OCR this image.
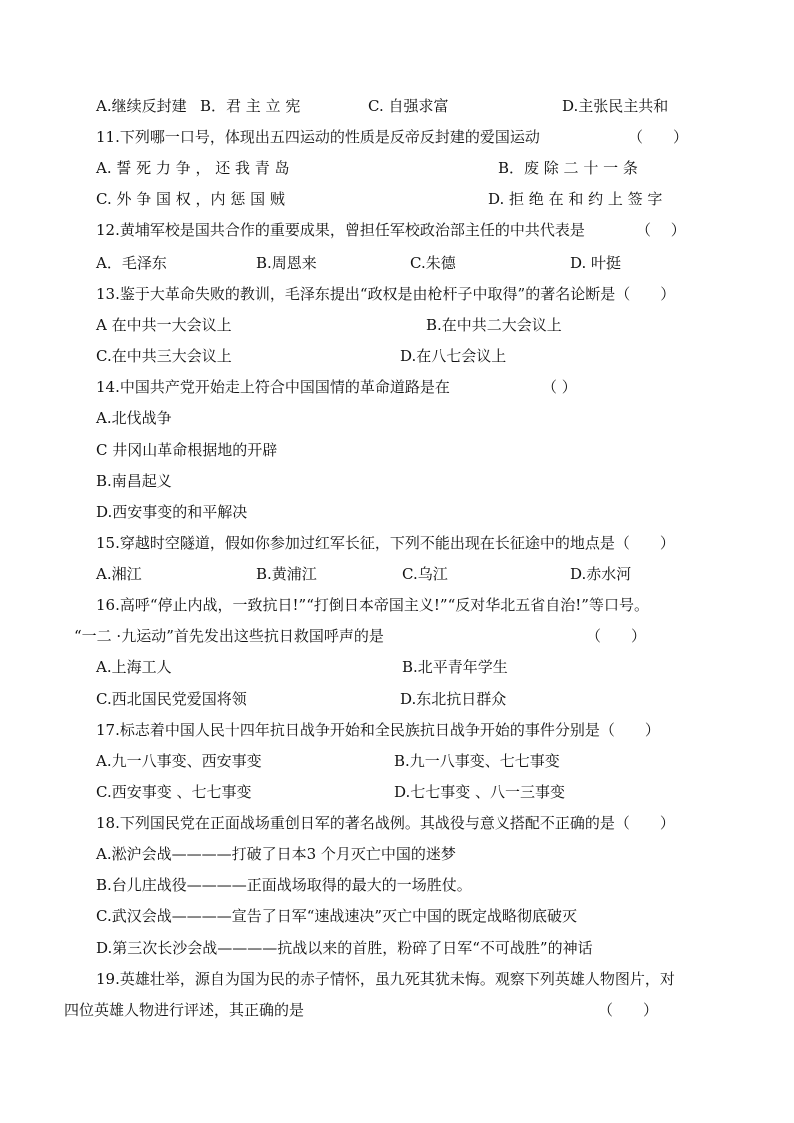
A.继续反封建 B．君 主 立 宪	C. 自强求富	D.主张民主共和
11.下列哪一口号，体现出五四运动的性质是反帝反封建的爱国运动	（　　）
A. 誓 死 力 争 ， 还 我 青 岛	B．废 除 二 十 一 条
C. 外 争 国 权 ，内 惩 国 贼	D. 拒 绝 在 和 约 上 签 字
12.黄埔军校是国共合作的重要成果，曾担任军校政治部主任的中共代表是	（　 ）
A．毛泽东	B.周恩来	C.朱德	D. 叶挺
13.鉴于大革命失败的教训，毛泽东提出“政权是由枪杆子中取得”的著名论断是（　　）
A 在中共一大会议上	B.在中共二大会议上
C.在中共三大会议上	D.在八七会议上
14.中国共产党开始走上符合中国国情的革命道路是在	（ ）
A.北伐战争
C 井冈山革命根据地的开辟
B.南昌起义
D.西安事变的和平解决
15.穿越时空隧道，假如你参加过红军长征，下列不能出现在长征途中的地点是（　　）
A.湘江	B.黄浦江	C.乌江	D.赤水河
16.高呼“停止内战，一致抗日!”“打倒日本帝国主义!”“反对华北五省自治!”等口号。
“一二 ·九运动”首先发出这些抗日救国呼声的是	（　　）
A.上海工人	B.北平青年学生
C.西北国民党爱国将领	D.东北抗日群众
17.标志着中国人民十四年抗日战争开始和全民族抗日战争开始的事件分别是（　　）
A.九一八事变、西安事变	B.九一八事变、七七事变
C.西安事变 、七七事变	D.七七事变 、八一三事变
18.下列国民党在正面战场重创日军的著名战例。其战役与意义搭配不正确的是（　　）
A.淞沪会战————打破了日本3 个月灭亡中国的迷梦
B.台儿庄战役————正面战场取得的最大的一场胜仗。
C.武汉会战————宣告了日军“速战速决”灭亡中国的既定战略彻底破灭
D.第三次长沙会战————抗战以来的首胜，粉碎了日军“不可战胜”的神话
19.英雄壮举，源自为国为民的赤子情怀，虽九死其犹未悔。观察下列英雄人物图片，对
四位英雄人物进行评述，其正确的是	（　　）
